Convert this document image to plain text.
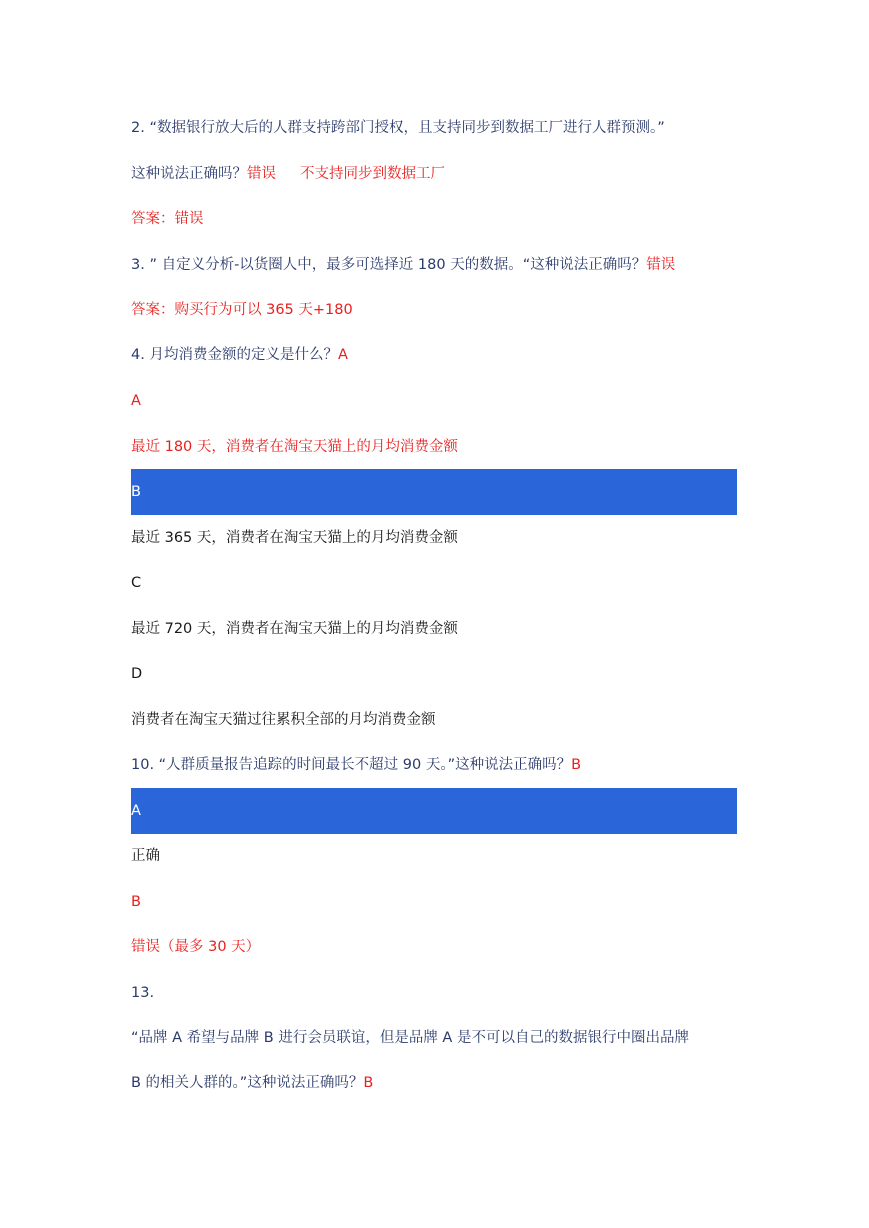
2. “数据银行放大后的人群支持跨部门授权，且支持同步到数据工厂进行人群预测。”
这种说法正确吗？错误 不支持同步到数据工厂
答案：错误
3. ” 自定义分析-以货圈人中，最多可选择近 180 天的数据。“这种说法正确吗？错误
答案：购买行为可以 365 天+180
4. 月均消费金额的定义是什么？A
A
最近 180 天，消费者在淘宝天猫上的月均消费金额
B
最近 365 天，消费者在淘宝天猫上的月均消费金额
C
最近 720 天，消费者在淘宝天猫上的月均消费金额
D
消费者在淘宝天猫过往累积全部的月均消费金额
10. “人群质量报告追踪的时间最长不超过 90 天。”这种说法正确吗？B
A
正确
B
错误（最多 30 天）
13.
“品牌 A 希望与品牌 B 进行会员联谊，但是品牌 A 是不可以自己的数据银行中圈出品牌
B 的相关人群的。”这种说法正确吗？B
